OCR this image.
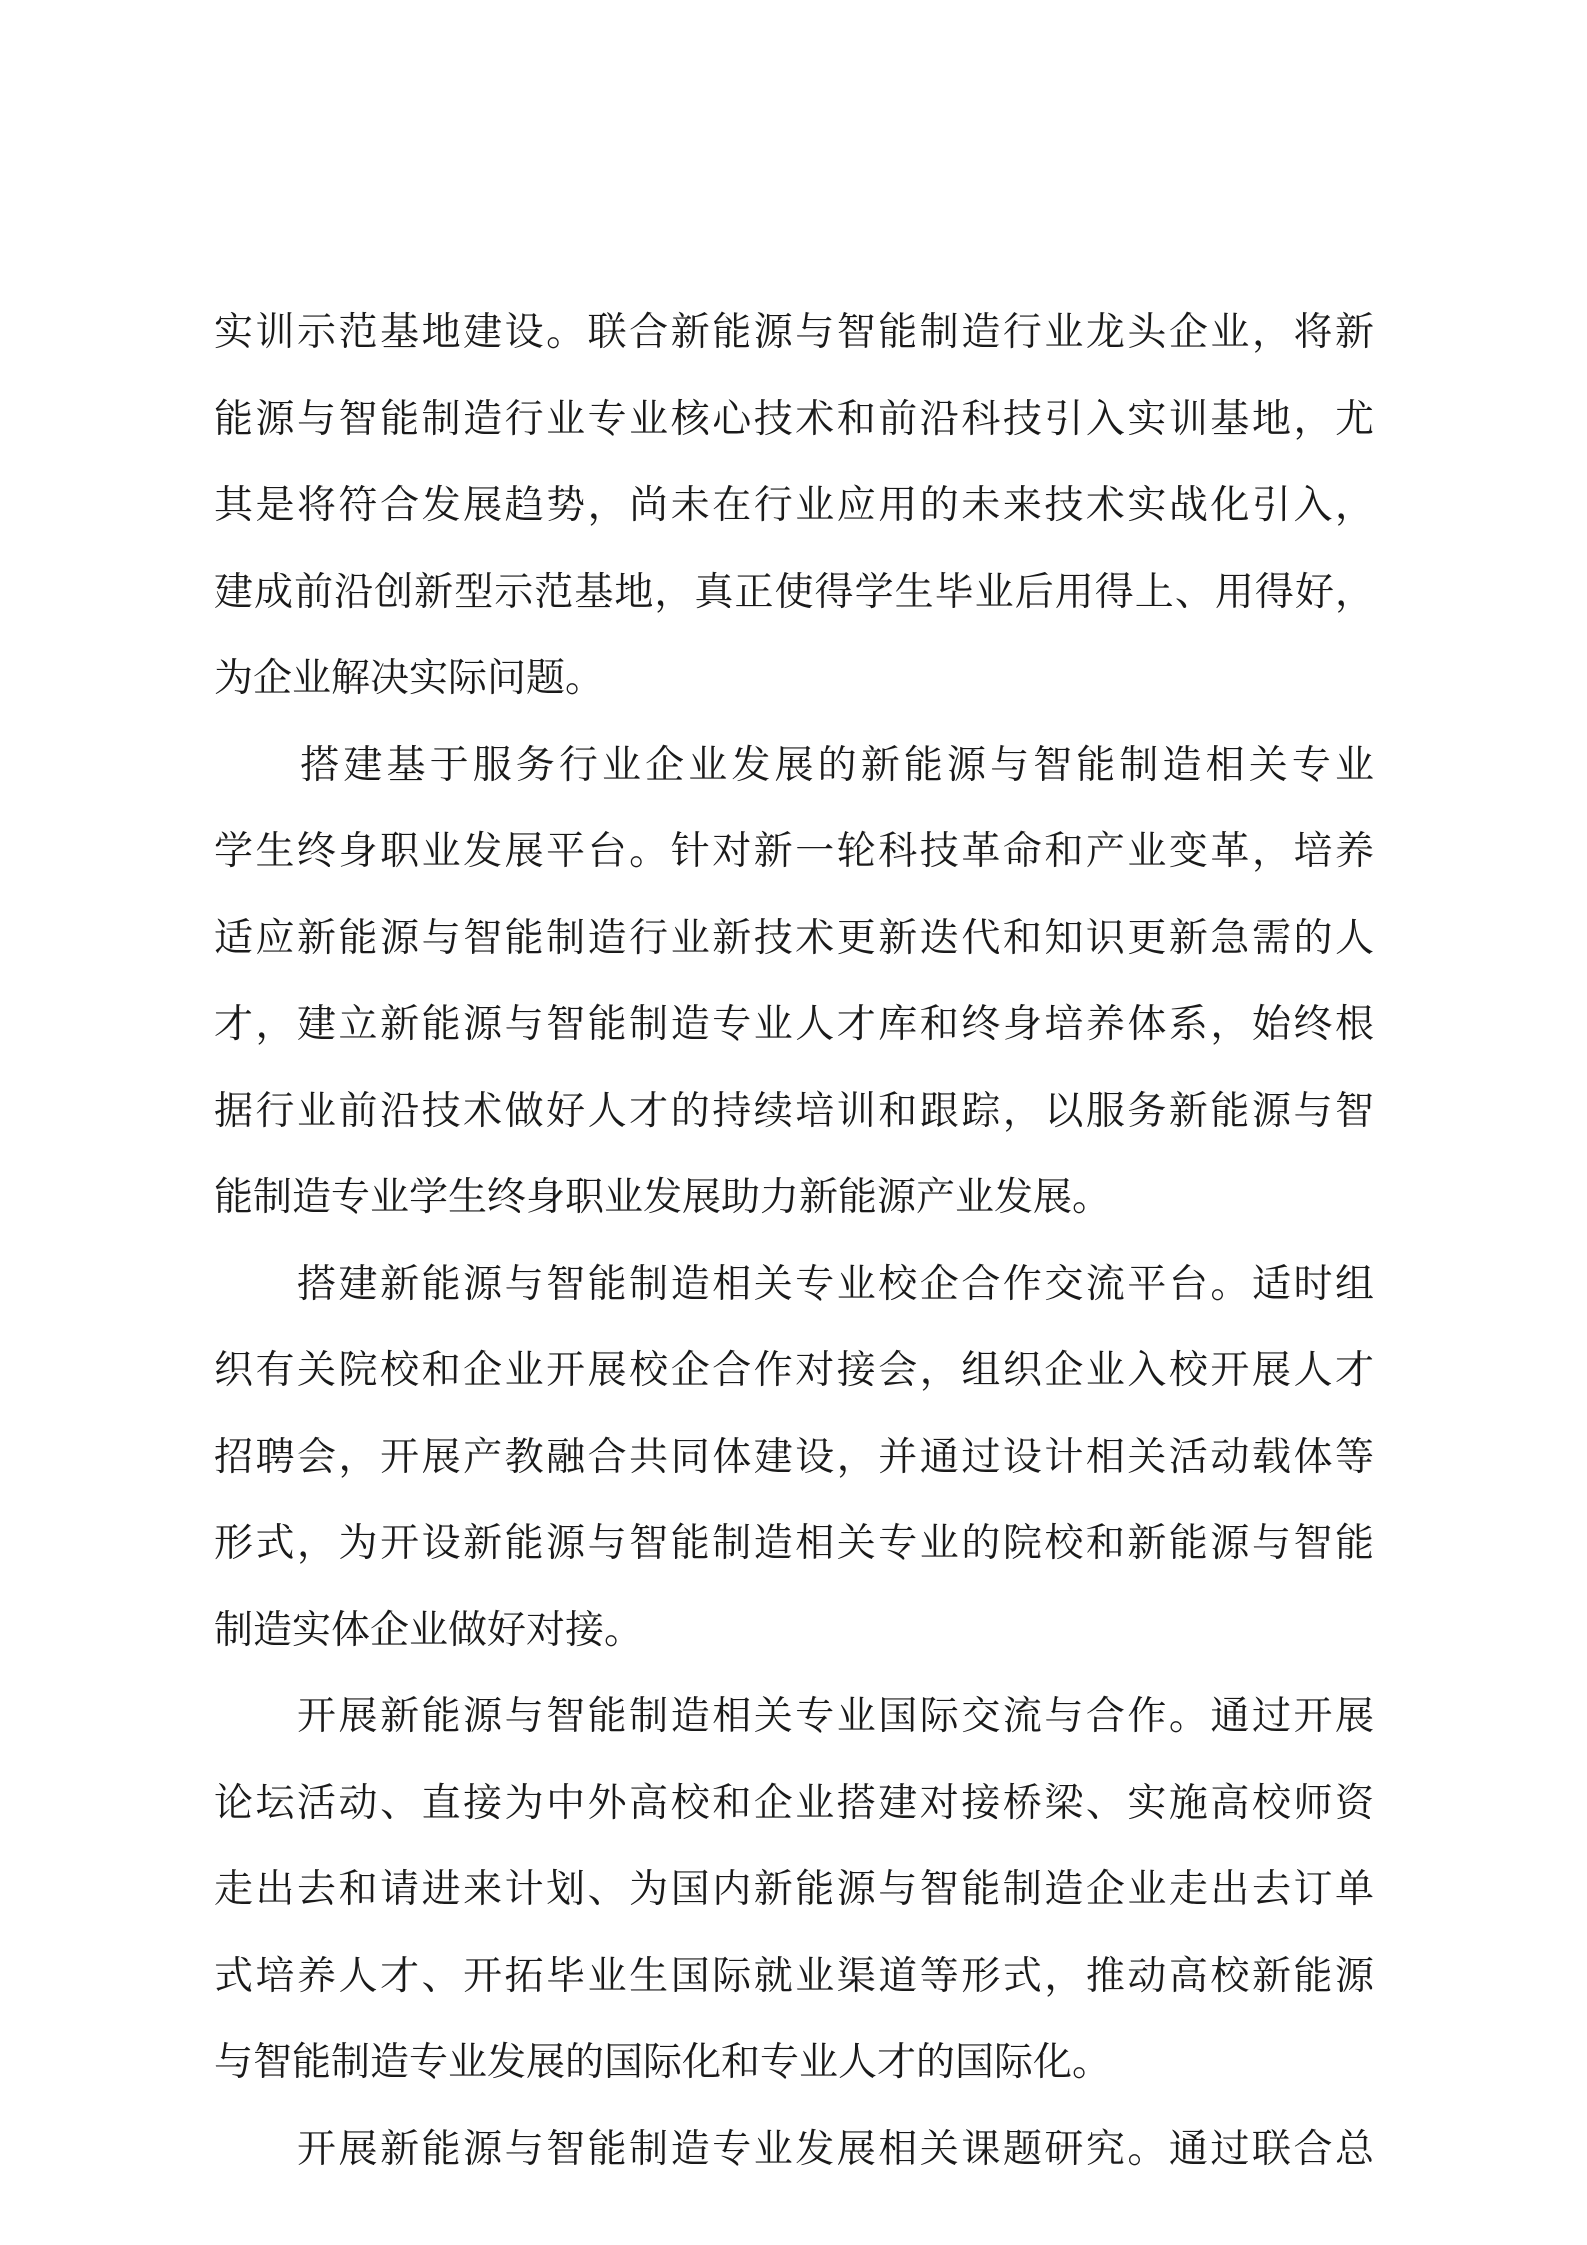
实训示范基地建设。联合新能源与智能制造行业龙头企业，将新
能源与智能制造行业专业核心技术和前沿科技引入实训基地，尤
其是将符合发展趋势，尚未在行业应用的未来技术实战化引入，
建成前沿创新型示范基地，真正使得学生毕业后用得上、用得好，
为企业解决实际问题。
　　搭建基于服务行业企业发展的新能源与智能制造相关专业
学生终身职业发展平台。针对新一轮科技革命和产业变革，培养
适应新能源与智能制造行业新技术更新迭代和知识更新急需的人
才，建立新能源与智能制造专业人才库和终身培养体系，始终根
据行业前沿技术做好人才的持续培训和跟踪，以服务新能源与智
能制造专业学生终身职业发展助力新能源产业发展。
　　搭建新能源与智能制造相关专业校企合作交流平台。适时组
织有关院校和企业开展校企合作对接会，组织企业入校开展人才
招聘会，开展产教融合共同体建设，并通过设计相关活动载体等
形式，为开设新能源与智能制造相关专业的院校和新能源与智能
制造实体企业做好对接。
　　开展新能源与智能制造相关专业国际交流与合作。通过开展
论坛活动、直接为中外高校和企业搭建对接桥梁、实施高校师资
走出去和请进来计划、为国内新能源与智能制造企业走出去订单
式培养人才、开拓毕业生国际就业渠道等形式，推动高校新能源
与智能制造专业发展的国际化和专业人才的国际化。
　　开展新能源与智能制造专业发展相关课题研究。通过联合总
